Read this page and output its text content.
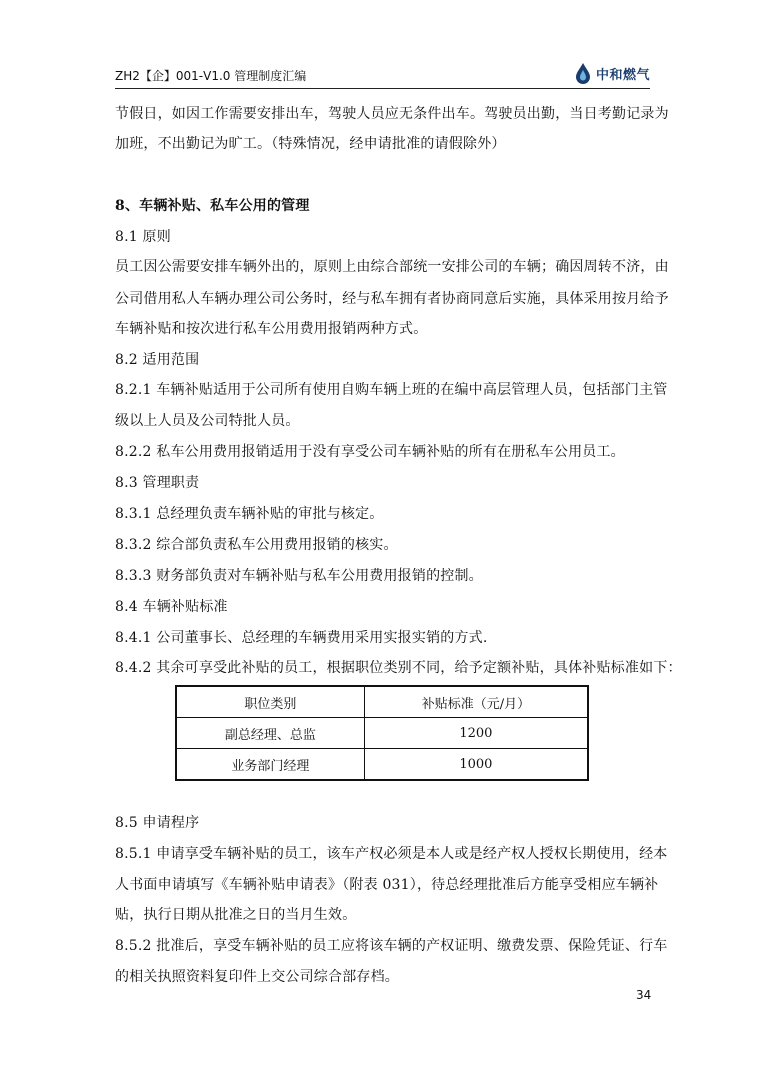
ZH2【企】001-V1.0 管理制度汇编	中和燃气
节假日，如因工作需要安排出车，驾驶人员应无条件出车。驾驶员出勤，当日考勤记录为
加班，不出勤记为旷工。（特殊情况，经申请批准的请假除外）
8、车辆补贴、私车公用的管理
8.1 原则
员工因公需要安排车辆外出的，原则上由综合部统一安排公司的车辆；确因周转不济，由
公司借用私人车辆办理公司公务时，经与私车拥有者协商同意后实施，具体采用按月给予
车辆补贴和按次进行私车公用费用报销两种方式。
8.2 适用范围
8.2.1 车辆补贴适用于公司所有使用自购车辆上班的在编中高层管理人员，包括部门主管
级以上人员及公司特批人员。
8.2.2 私车公用费用报销适用于没有享受公司车辆补贴的所有在册私车公用员工。
8.3 管理职责
8.3.1 总经理负责车辆补贴的审批与核定。
8.3.2 综合部负责私车公用费用报销的核实。
8.3.3 财务部负责对车辆补贴与私车公用费用报销的控制。
8.4 车辆补贴标准
8.4.1 公司董事长、总经理的车辆费用采用实报实销的方式.
8.4.2 其余可享受此补贴的员工，根据职位类别不同，给予定额补贴，具体补贴标准如下：
职位类别	补贴标准（元/月）
副总经理、总监	1200
业务部门经理	1000
8.5 申请程序
8.5.1 申请享受车辆补贴的员工，该车产权必须是本人或是经产权人授权长期使用，经本
人书面申请填写《车辆补贴申请表》（附表 031），待总经理批准后方能享受相应车辆补
贴，执行日期从批准之日的当月生效。
8.5.2 批准后，享受车辆补贴的员工应将该车辆的产权证明、缴费发票、保险凭证、行车
的相关执照资料复印件上交公司综合部存档。
34
